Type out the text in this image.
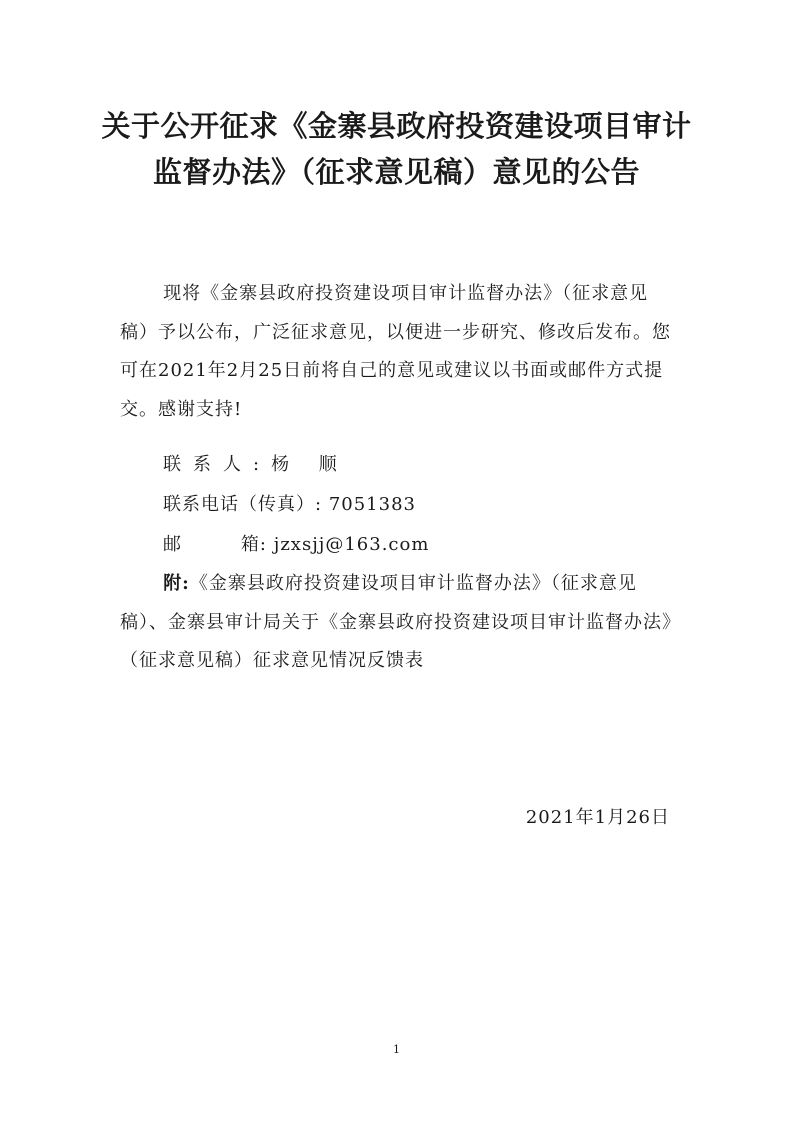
关于公开征求《金寨县政府投资建设项目审计
监督办法》（征求意见稿）意见的公告

现将《金寨县政府投资建设项目审计监督办法》（征求意见稿）予以公布，广泛征求意见，以便进一步研究、修改后发布。您可在2021年2月25日前将自己的意见或建议以书面或邮件方式提交。感谢支持!

联系人:杨 顺
联系电话（传真）: 7051383
邮	箱: jzxsjj@163.com

附:《金寨县政府投资建设项目审计监督办法》（征求意见稿）、金寨县审计局关于《金寨县政府投资建设项目审计监督办法》（征求意见稿）征求意见情况反馈表

2021年1月26日
1
